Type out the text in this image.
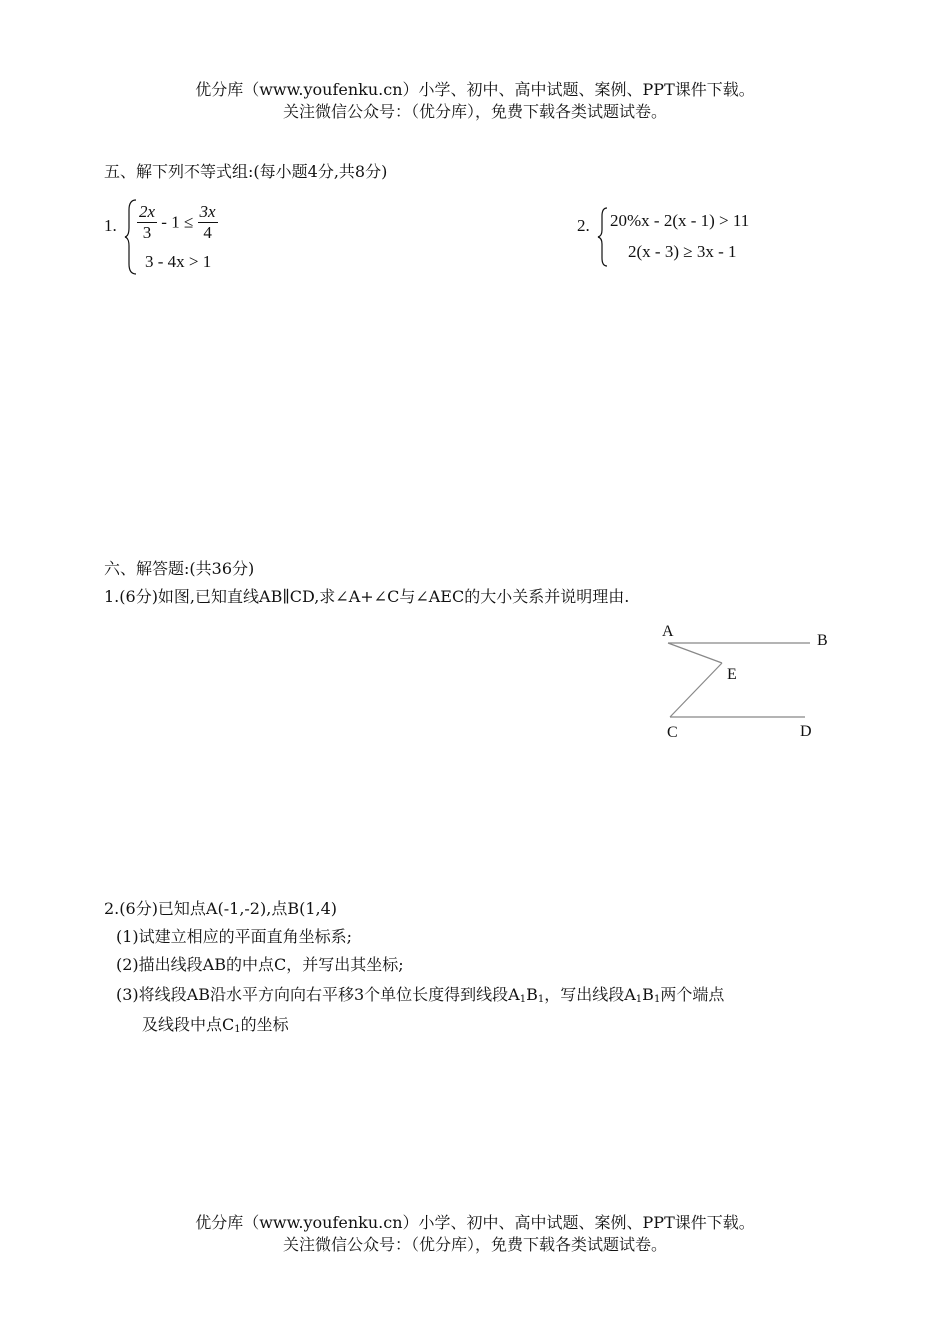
优分库（www.youfenku.cn）小学、初中、高中试题、案例、PPT课件下载。
关注微信公众号：（优分库），免费下载各类试题试卷。
五、解下列不等式组:(每小题4分,共8分)
1. $\frac{2x}{3} - 1 \le \frac{3x}{4}$
3 - 4x > 1
2. 20%x - 2(x - 1) > 11
2(x - 3) ≥ 3x - 1
六、解答题:(共36分)
1.(6分)如图,已知直线AB∥CD,求∠A+∠C与∠AEC的大小关系并说明理由.
A
B
E
C	D
2.(6分)已知点A(-1,-2),点B(1,4)
(1)试建立相应的平面直角坐标系;
(2)描出线段AB的中点C，并写出其坐标;
(3)将线段AB沿水平方向向右平移3个单位长度得到线段$A_1B_1$，写出线段$A_1B_1$两个端点
及线段中点$C_1$的坐标
优分库（www.youfenku.cn）小学、初中、高中试题、案例、PPT课件下载。
关注微信公众号：（优分库），免费下载各类试题试卷。
